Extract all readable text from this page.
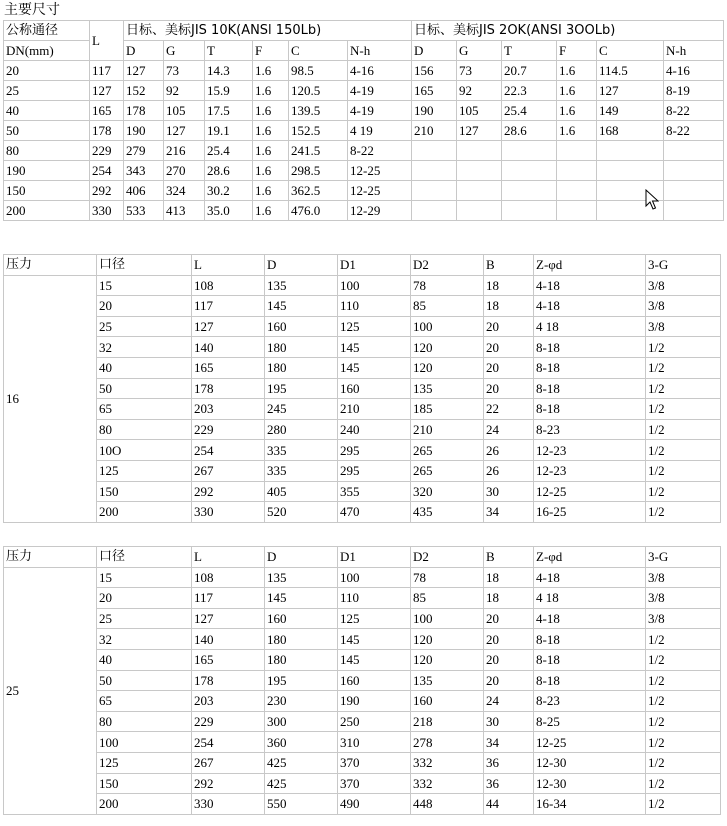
主要尺寸
公称通径	L	日标、美标JIS 10K(ANSl 150Lb)						日标、美标JIS 2OK(ANSI 3OOLb)					
DN(mm)		D	G	T	F	C	N-h	D	G	T	F	C	N-h
20	117	127	73	14.3	1.6	98.5	4-16	156	73	20.7	1.6	114.5	4-16
25	127	152	92	15.9	1.6	120.5	4-19	165	92	22.3	1.6	127	8-19
40	165	178	105	17.5	1.6	139.5	4-19	190	105	25.4	1.6	149	8-22
50	178	190	127	19.1	1.6	152.5	4 19	210	127	28.6	1.6	168	8-22
80	229	279	216	25.4	1.6	241.5	8-22						
190	254	343	270	28.6	1.6	298.5	12-25						
150	292	406	324	30.2	1.6	362.5	12-25						
200	330	533	413	35.0	1.6	476.0	12-29						
压力	口径	L	D	D1	D2	B	Z-φd	3-G
16	15	108	135	100	78	18	4-18	3/8
	20	117	145	110	85	18	4-18	3/8
	25	127	160	125	100	20	4 18	3/8
	32	140	180	145	120	20	8-18	1/2
	40	165	180	145	120	20	8-18	1/2
	50	178	195	160	135	20	8-18	1/2
	65	203	245	210	185	22	8-18	1/2
	80	229	280	240	210	24	8-23	1/2
	10O	254	335	295	265	26	12-23	1/2
	125	267	335	295	265	26	12-23	1/2
	150	292	405	355	320	30	12-25	1/2
	200	330	520	470	435	34	16-25	1/2
压力	口径	L	D	D1	D2	B	Z-φd	3-G
25	15	108	135	100	78	18	4-18	3/8
	20	117	145	110	85	18	4 18	3/8
	25	127	160	125	100	20	4-18	3/8
	32	140	180	145	120	20	8-18	1/2
	40	165	180	145	120	20	8-18	1/2
	50	178	195	160	135	20	8-18	1/2
	65	203	230	190	160	24	8-23	1/2
	80	229	300	250	218	30	8-25	1/2
	100	254	360	310	278	34	12-25	1/2
	125	267	425	370	332	36	12-30	1/2
	150	292	425	370	332	36	12-30	1/2
	200	330	550	490	448	44	16-34	1/2
